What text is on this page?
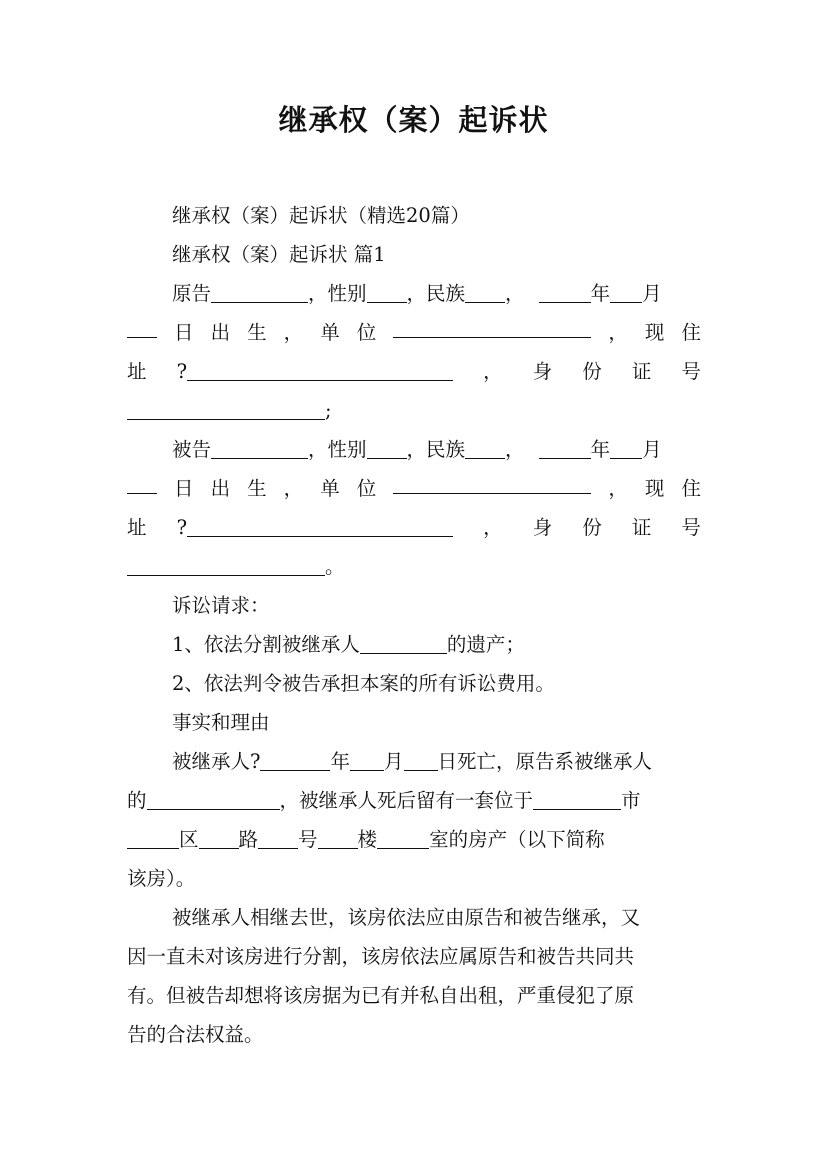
继承权（案）起诉状

继承权（案）起诉状（精选20篇）

继承权（案）起诉状 篇1

原告	，性别 ，民族 ，	年 月

日 出 生 ， 单 位	， 现 住
址 ?	， 身 份 证 号

;

被告	，性别 ，民族 ，	年 月

日 出 生 ， 单 位	， 现 住
址 ?	， 身 份 证 号

。

诉讼请求：

1、依法分割被继承人	的遗产；

2、依法判令被告承担本案的所有诉讼费用。

事实和理由

被继承人?	年 月 日死亡，原告系被继承人

的	，被继承人死后留有一套位于	市

区 路 号 楼	室的房产（以下简称

该房）。

被继承人相继去世，该房依法应由原告和被告继承，又

因一直未对该房进行分割，该房依法应属原告和被告共同共

有。但被告却想将该房据为已有并私自出租，严重侵犯了原

告的合法权益。
